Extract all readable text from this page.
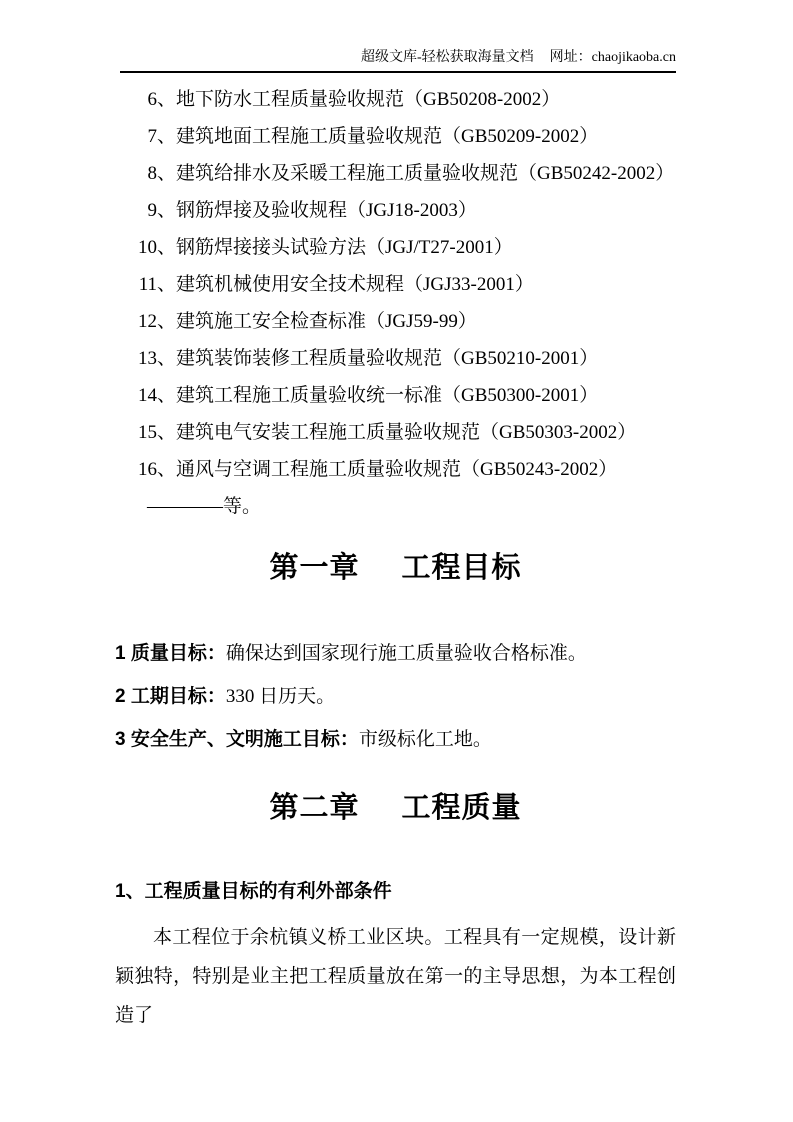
超级文库-轻松获取海量文档 网址：chaojikaoba.cn
6、地下防水工程质量验收规范（GB50208-2002）
7、建筑地面工程施工质量验收规范（GB50209-2002）
8、建筑给排水及采暖工程施工质量验收规范（GB50242-2002）
9、钢筋焊接及验收规程（JGJ18-2003）
10、钢筋焊接接头试验方法（JGJ/T27-2001）
11、建筑机械使用安全技术规程（JGJ33-2001）
12、建筑施工安全检查标准（JGJ59-99）
13、建筑装饰装修工程质量验收规范（GB50210-2001）
14、建筑工程施工质量验收统一标准（GB50300-2001）
15、建筑电气安装工程施工质量验收规范（GB50303-2002）
16、通风与空调工程施工质量验收规范（GB50243-2002）
————等。
第一章 工程目标
1 质量目标：确保达到国家现行施工质量验收合格标准。
2 工期目标：330 日历天。
3 安全生产、文明施工目标：市级标化工地。
第二章 工程质量
1、工程质量目标的有利外部条件

本工程位于余杭镇义桥工业区块。工程具有一定规模，设计新颖独特，特别是业主把工程质量放在第一的主导思想，为本工程创造了
